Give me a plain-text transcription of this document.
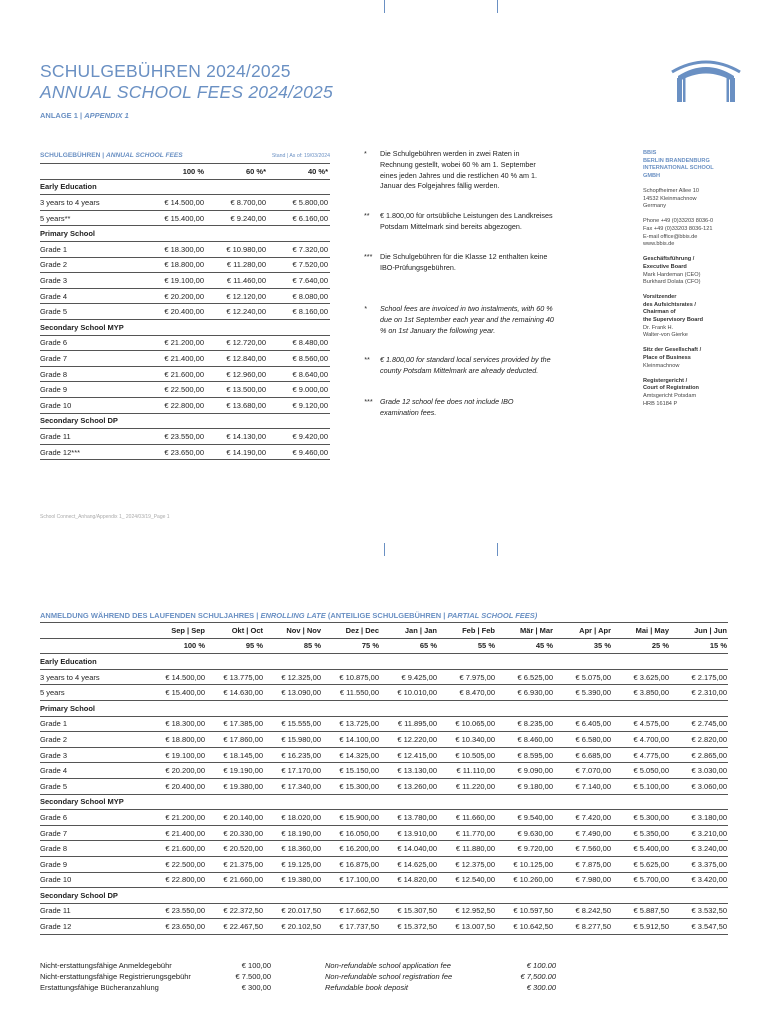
SCHULGEBÜHREN 2024/2025
ANNUAL SCHOOL FEES 2024/2025
ANLAGE 1 | APPENDIX 1
SCHULGEBÜHREN | ANNUAL SCHOOL FEES		Stand | As of: 19/03/2024	
	100 %	60 %*	40 %*
Early Education			
3 years to 4 years	€ 14.500,00	€ 8.700,00	€ 5.800,00
5 years**	€ 15.400,00	€ 9.240,00	€ 6.160,00
Primary School			
Grade 1	€ 18.300,00	€ 10.980,00	€ 7.320,00
Grade 2	€ 18.800,00	€ 11.280,00	€ 7.520,00
Grade 3	€ 19.100,00	€ 11.460,00	€ 7.640,00
Grade 4	€ 20.200,00	€ 12.120,00	€ 8.080,00
Grade 5	€ 20.400,00	€ 12.240,00	€ 8.160,00
Secondary School MYP			
Grade 6	€ 21.200,00	€ 12.720,00	€ 8.480,00
Grade 7	€ 21.400,00	€ 12.840,00	€ 8.560,00
Grade 8	€ 21.600,00	€ 12.960,00	€ 8.640,00
Grade 9	€ 22.500,00	€ 13.500,00	€ 9.000,00
Grade 10	€ 22.800,00	€ 13.680,00	€ 9.120,00
Secondary School DP			
Grade 11	€ 23.550,00	€ 14.130,00	€ 9.420,00
Grade 12***	€ 23.650,00	€ 14.190,00	€ 9.460,00
* Die Schulgebühren werden in zwei Raten in Rechnung gestellt, wobei 60 % am 1. September eines jeden Jahres und die restlichen 40 % am 1. Januar des Folgejahres fällig werden.
** € 1.800,00 für ortsübliche Leistungen des Landkreises Potsdam Mittelmark sind bereits abgezogen.
*** Die Schulgebühren für die Klasse 12 enthalten keine IBO-Prüfungsgebühren.
* School fees are invoiced in two instalments, with 60 % due on 1st September each year and the remaining 40 % on 1st January the following year.
** € 1.800,00 for standard local services provided by the county Potsdam Mittelmark are already deducted.
*** Grade 12 school fee does not include IBO examination fees.

BBIS
BERLIN BRANDENBURG
INTERNATIONAL SCHOOL
GMBH

Schopfheimer Allee 10
14532 Kleinmachnow
Germany

Phone +49 (0)33203 8036-0
Fax +49 (0)33203 8036-121
E-mail office@bbis.de
www.bbis.de

Geschäftsführung /
Executive Board
Mark Hardeman (CEO)
Burkhard Dolata (CFO)

Vorsitzender
des Aufsichtsrates /
Chairman of
the Supervisory Board
Dr. Frank H.
Walter-von Gierke

Sitz der Gesellschaft /
Place of Business
Kleinmachnow

Registergericht /
Court of Registration
Amtsgericht Potsdam
HRB 16184 P

School Connect_Anhang/Appendix 1_ 2024/03/19_Page 1
ANMELDUNG WÄHREND DES LAUFENDEN SCHULJAHRES | ENROLLING LATE (ANTEILIGE SCHULGEBÜHREN | PARTIAL SCHOOL FEES)
	Sep | Sep	Okt | Oct	Nov | Nov	Dez | Dec	Jan | Jan	Feb | Feb	Mär | Mar	Apr | Apr	Mai | May	Jun | Jun
	100 %	95 %	85 %	75 %	65 %	55 %	45 %	35 %	25 %	15 %
Early Education										
3 years to 4 years	€ 14.500,00	€ 13.775,00	€ 12.325,00	€ 10.875,00	€ 9.425,00	€ 7.975,00	€ 6.525,00	€ 5.075,00	€ 3.625,00	€ 2.175,00
5 years	€ 15.400,00	€ 14.630,00	€ 13.090,00	€ 11.550,00	€ 10.010,00	€ 8.470,00	€ 6.930,00	€ 5.390,00	€ 3.850,00	€ 2.310,00
Primary School										
Grade 1	€ 18.300,00	€ 17.385,00	€ 15.555,00	€ 13.725,00	€ 11.895,00	€ 10.065,00	€ 8.235,00	€ 6.405,00	€ 4.575,00	€ 2.745,00
Grade 2	€ 18.800,00	€ 17.860,00	€ 15.980,00	€ 14.100,00	€ 12.220,00	€ 10.340,00	€ 8.460,00	€ 6.580,00	€ 4.700,00	€ 2.820,00
Grade 3	€ 19.100,00	€ 18.145,00	€ 16.235,00	€ 14.325,00	€ 12.415,00	€ 10.505,00	€ 8.595,00	€ 6.685,00	€ 4.775,00	€ 2.865,00
Grade 4	€ 20.200,00	€ 19.190,00	€ 17.170,00	€ 15.150,00	€ 13.130,00	€ 11.110,00	€ 9.090,00	€ 7.070,00	€ 5.050,00	€ 3.030,00
Grade 5	€ 20.400,00	€ 19.380,00	€ 17.340,00	€ 15.300,00	€ 13.260,00	€ 11.220,00	€ 9.180,00	€ 7.140,00	€ 5.100,00	€ 3.060,00
Secondary School MYP										
Grade 6	€ 21.200,00	€ 20.140,00	€ 18.020,00	€ 15.900,00	€ 13.780,00	€ 11.660,00	€ 9.540,00	€ 7.420,00	€ 5.300,00	€ 3.180,00
Grade 7	€ 21.400,00	€ 20.330,00	€ 18.190,00	€ 16.050,00	€ 13.910,00	€ 11.770,00	€ 9.630,00	€ 7.490,00	€ 5.350,00	€ 3.210,00
Grade 8	€ 21.600,00	€ 20.520,00	€ 18.360,00	€ 16.200,00	€ 14.040,00	€ 11.880,00	€ 9.720,00	€ 7.560,00	€ 5.400,00	€ 3.240,00
Grade 9	€ 22.500,00	€ 21.375,00	€ 19.125,00	€ 16.875,00	€ 14.625,00	€ 12.375,00	€ 10.125,00	€ 7.875,00	€ 5.625,00	€ 3.375,00
Grade 10	€ 22.800,00	€ 21.660,00	€ 19.380,00	€ 17.100,00	€ 14.820,00	€ 12.540,00	€ 10.260,00	€ 7.980,00	€ 5.700,00	€ 3.420,00
Secondary School DP										
Grade 11	€ 23.550,00	€ 22.372,50	€ 20.017,50	€ 17.662,50	€ 15.307,50	€ 12.952,50	€ 10.597,50	€ 8.242,50	€ 5.887,50	€ 3.532,50
Grade 12	€ 23.650,00	€ 22.467,50	€ 20.102,50	€ 17.737,50	€ 15.372,50	€ 13.007,50	€ 10.642,50	€ 8.277,50	€ 5.912,50	€ 3.547,50
Nicht-erstattungsfähige Anmeldegebühr	€ 100,00
Nicht-erstattungsfähige Registrierungsgebühr	€ 7.500,00
Erstattungsfähige Bücheranzahlung	€ 300,00
Non-refundable school application fee	€ 100.00
Non-refundable school registration fee	€ 7,500.00
Refundable book deposit	€ 300.00
